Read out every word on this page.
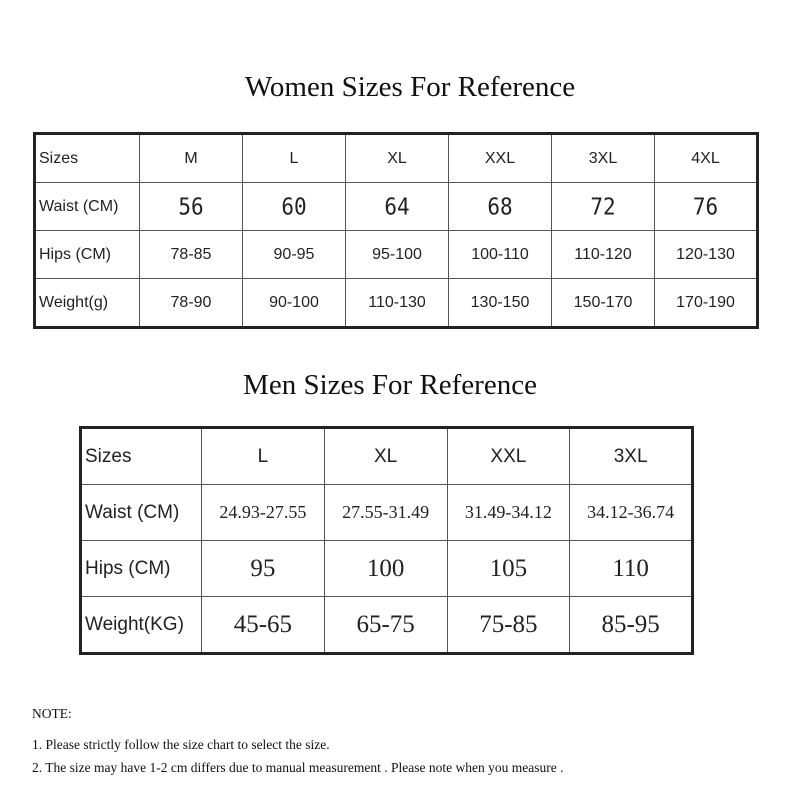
Women Sizes For Reference
Sizes	M	L	XL	XXL	3XL	4XL
Waist (CM)	56	60	64	68	72	76
Hips (CM)	78-85	90-95	95-100	100-110	110-120	120-130
Weight(g)	78-90	90-100	110-130	130-150	150-170	170-190
Men Sizes For Reference
Sizes	L	XL	XXL	3XL
Waist (CM)	24.93-27.55	27.55-31.49	31.49-34.12	34.12-36.74
Hips (CM)	95	100	105	110
Weight(KG)	45-65	65-75	75-85	85-95
NOTE:
1. Please strictly follow the size chart to select the size.
2. The size may have 1-2 cm differs due to manual measurement . Please note when you measure .
